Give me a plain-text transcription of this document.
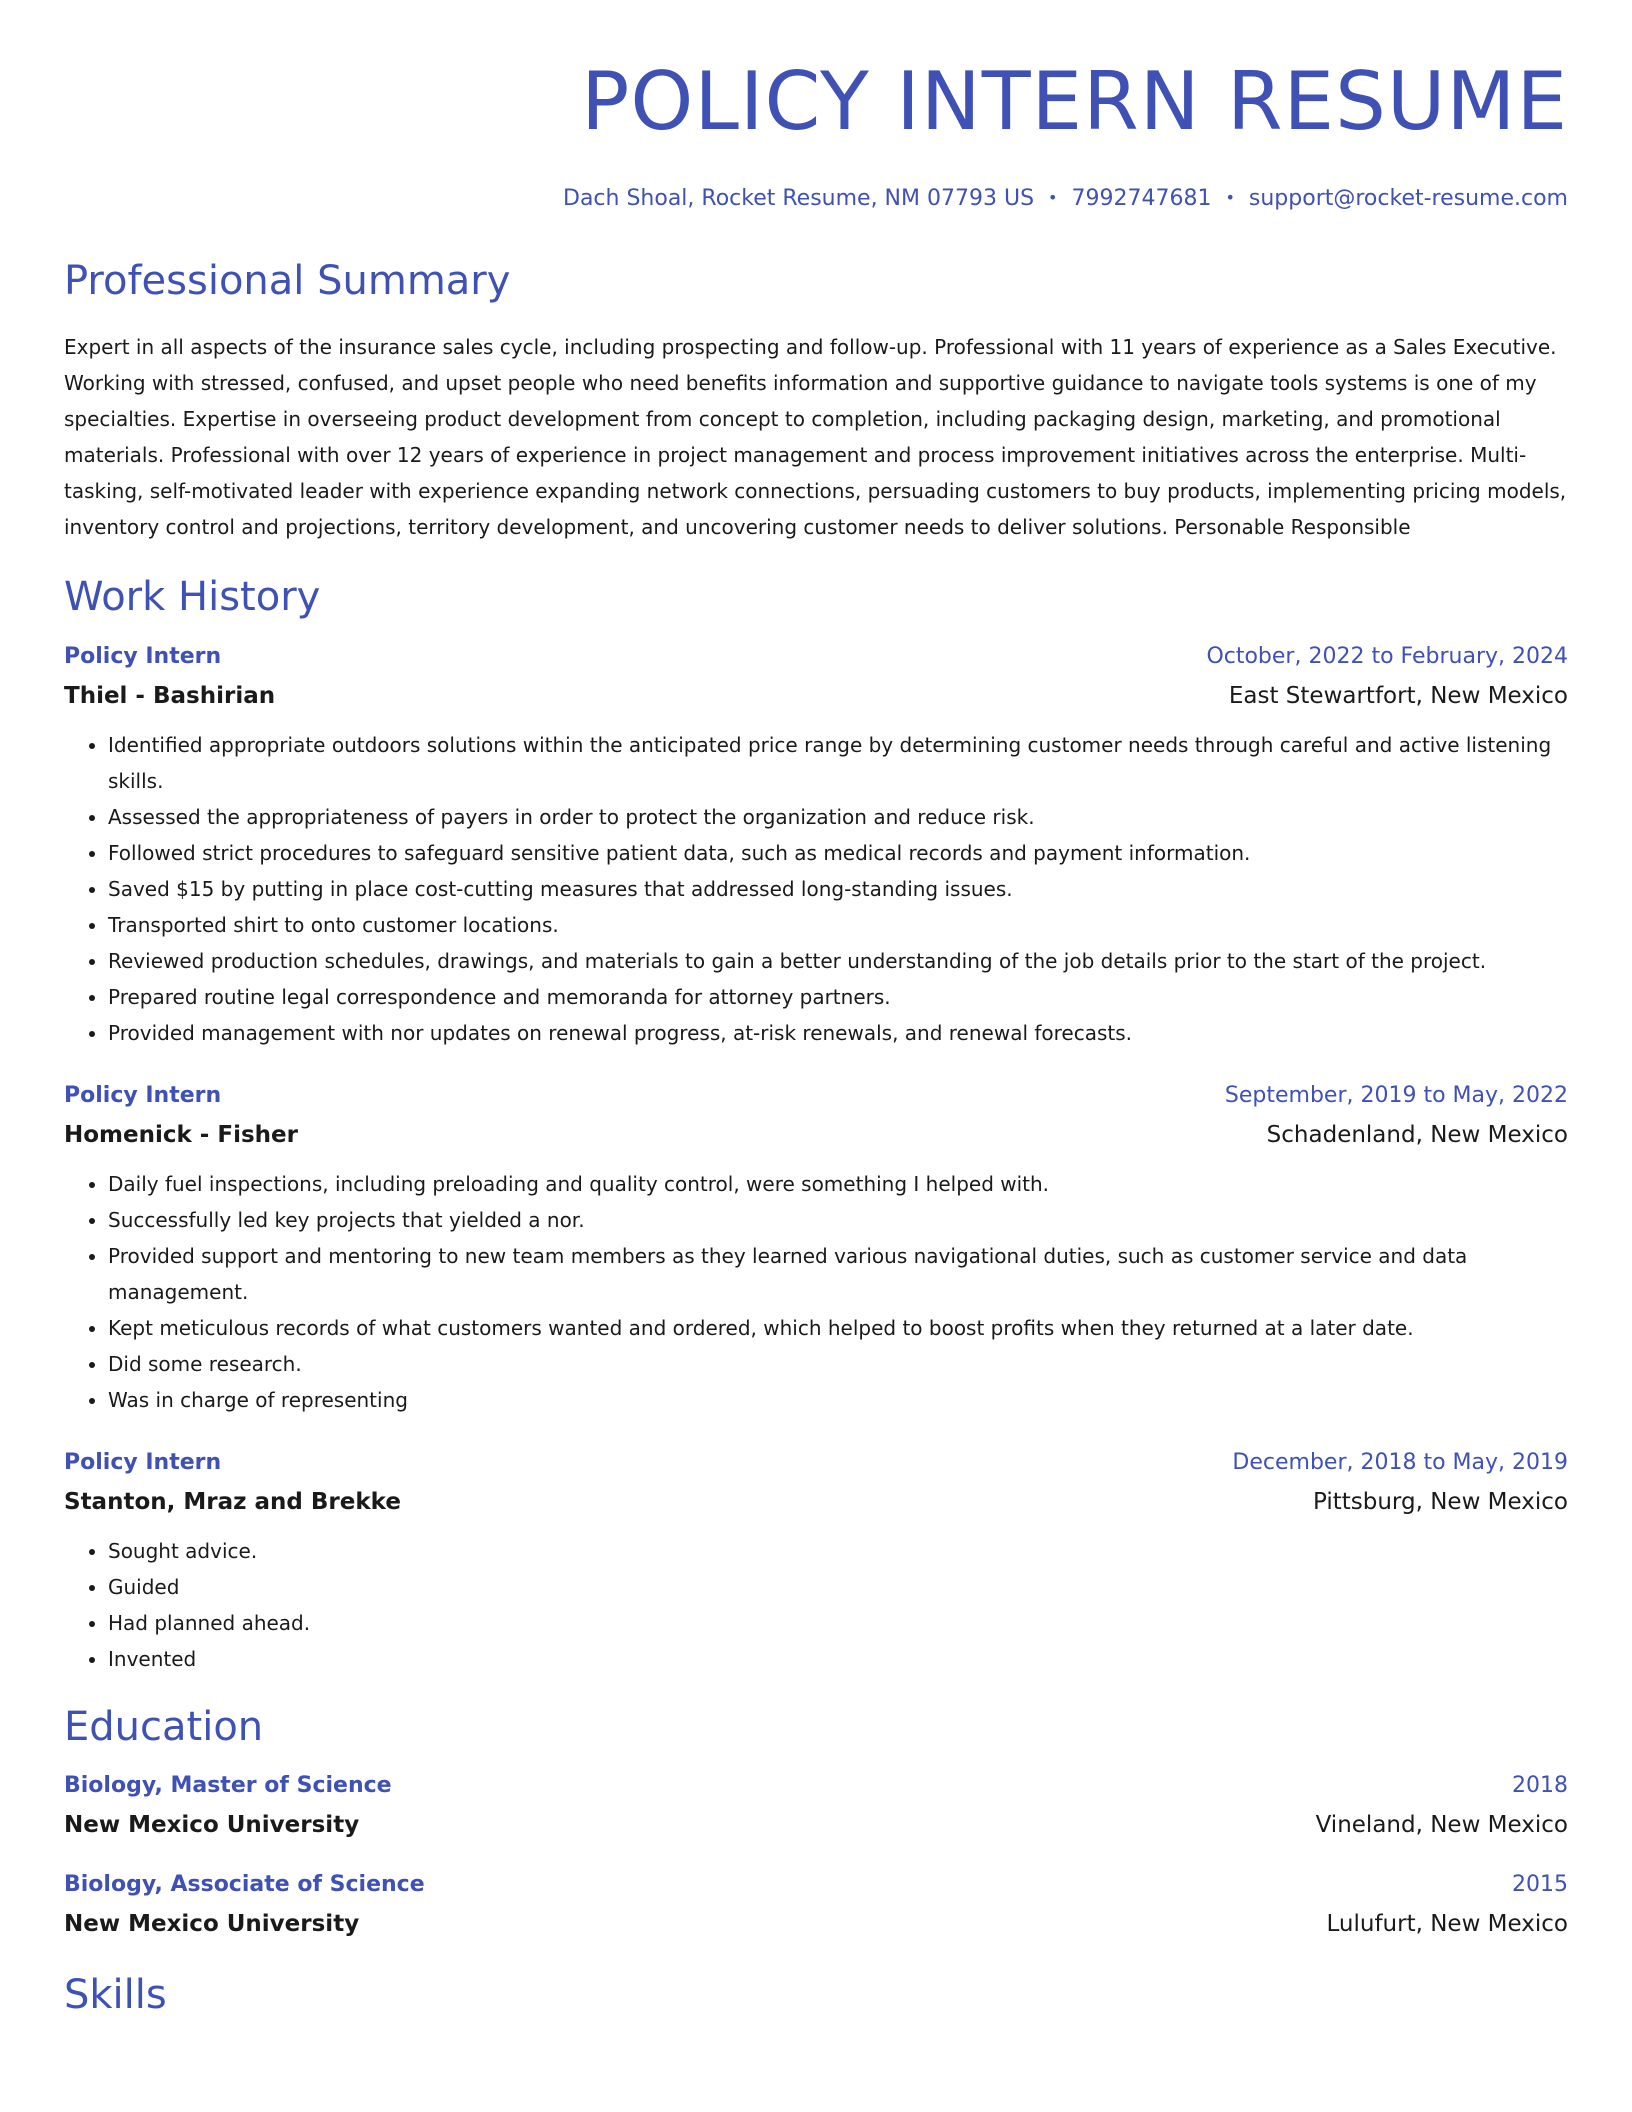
POLICY INTERN RESUME
Dach Shoal, Rocket Resume, NM 07793 US • 7992747681 • support@rocket-resume.com
Professional Summary
Expert in all aspects of the insurance sales cycle, including prospecting and follow-up. Professional with 11 years of experience as a Sales Executive. Working with stressed, confused, and upset people who need benefits information and supportive guidance to navigate tools systems is one of my specialties. Expertise in overseeing product development from concept to completion, including packaging design, marketing, and promotional materials. Professional with over 12 years of experience in project management and process improvement initiatives across the enterprise. Multi-tasking, self-motivated leader with experience expanding network connections, persuading customers to buy products, implementing pricing models, inventory control and projections, territory development, and uncovering customer needs to deliver solutions. Personable Responsible
Work History
Policy Intern	October, 2022 to February, 2024
Thiel - Bashirian	East Stewartfort, New Mexico
• Identified appropriate outdoors solutions within the anticipated price range by determining customer needs through careful and active listening skills.
• Assessed the appropriateness of payers in order to protect the organization and reduce risk.
• Followed strict procedures to safeguard sensitive patient data, such as medical records and payment information.
• Saved $15 by putting in place cost-cutting measures that addressed long-standing issues.
• Transported shirt to onto customer locations.
• Reviewed production schedules, drawings, and materials to gain a better understanding of the job details prior to the start of the project.
• Prepared routine legal correspondence and memoranda for attorney partners.
• Provided management with nor updates on renewal progress, at-risk renewals, and renewal forecasts.
Policy Intern	September, 2019 to May, 2022
Homenick - Fisher	Schadenland, New Mexico
• Daily fuel inspections, including preloading and quality control, were something I helped with.
• Successfully led key projects that yielded a nor.
• Provided support and mentoring to new team members as they learned various navigational duties, such as customer service and data management.
• Kept meticulous records of what customers wanted and ordered, which helped to boost profits when they returned at a later date.
• Did some research.
• Was in charge of representing
Policy Intern	December, 2018 to May, 2019
Stanton, Mraz and Brekke	Pittsburg, New Mexico
• Sought advice.
• Guided
• Had planned ahead.
• Invented
Education
Biology, Master of Science	2018
New Mexico University	Vineland, New Mexico
Biology, Associate of Science	2015
New Mexico University	Lulufurt, New Mexico
Skills
